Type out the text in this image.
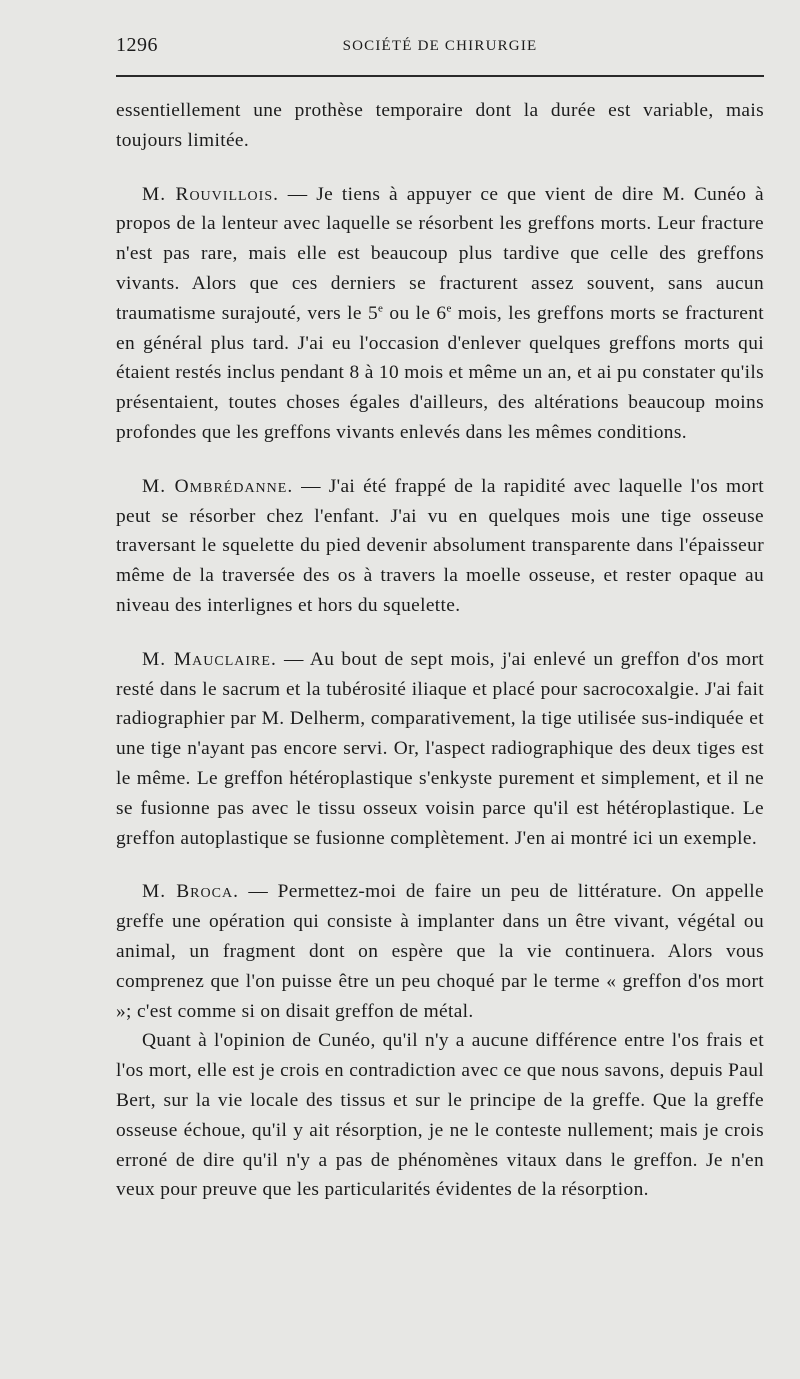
1296	SOCIÉTÉ DE CHIRURGIE

essentiellement une prothèse temporaire dont la durée est variable, mais toujours limitée.

M. Rouvillois. — Je tiens à appuyer ce que vient de dire M. Cunéo à propos de la lenteur avec laquelle se résorbent les greffons morts. Leur fracture n'est pas rare, mais elle est beaucoup plus tardive que celle des greffons vivants. Alors que ces derniers se fracturent assez souvent, sans aucun traumatisme surajouté, vers le 5e ou le 6e mois, les greffons morts se fracturent en général plus tard. J'ai eu l'occasion d'enlever quelques greffons morts qui étaient restés inclus pendant 8 à 10 mois et même un an, et ai pu constater qu'ils présentaient, toutes choses égales d'ailleurs, des altérations beaucoup moins profondes que les greffons vivants enlevés dans les mêmes conditions.

M. Ombrédanne. — J'ai été frappé de la rapidité avec laquelle l'os mort peut se résorber chez l'enfant. J'ai vu en quelques mois une tige osseuse traversant le squelette du pied devenir absolument transparente dans l'épaisseur même de la traversée des os à travers la moelle osseuse, et rester opaque au niveau des interlignes et hors du squelette.

M. Mauclaire. — Au bout de sept mois, j'ai enlevé un greffon d'os mort resté dans le sacrum et la tubérosité iliaque et placé pour sacrocoxalgie. J'ai fait radiographier par M. Delherm, comparativement, la tige utilisée sus-indiquée et une tige n'ayant pas encore servi. Or, l'aspect radiographique des deux tiges est le même. Le greffon hétéroplastique s'enkyste purement et simplement, et il ne se fusionne pas avec le tissu osseux voisin parce qu'il est hétéroplastique. Le greffon autoplastique se fusionne complètement. J'en ai montré ici un exemple.

M. Broca. — Permettez-moi de faire un peu de littérature. On appelle greffe une opération qui consiste à implanter dans un être vivant, végétal ou animal, un fragment dont on espère que la vie continuera. Alors vous comprenez que l'on puisse être un peu choqué par le terme « greffon d'os mort »; c'est comme si on disait greffon de métal.

Quant à l'opinion de Cunéo, qu'il n'y a aucune différence entre l'os frais et l'os mort, elle est je crois en contradiction avec ce que nous savons, depuis Paul Bert, sur la vie locale des tissus et sur le principe de la greffe. Que la greffe osseuse échoue, qu'il y ait résorption, je ne le conteste nullement; mais je crois erroné de dire qu'il n'y a pas de phénomènes vitaux dans le greffon. Je n'en veux pour preuve que les particularités évidentes de la résorption.
